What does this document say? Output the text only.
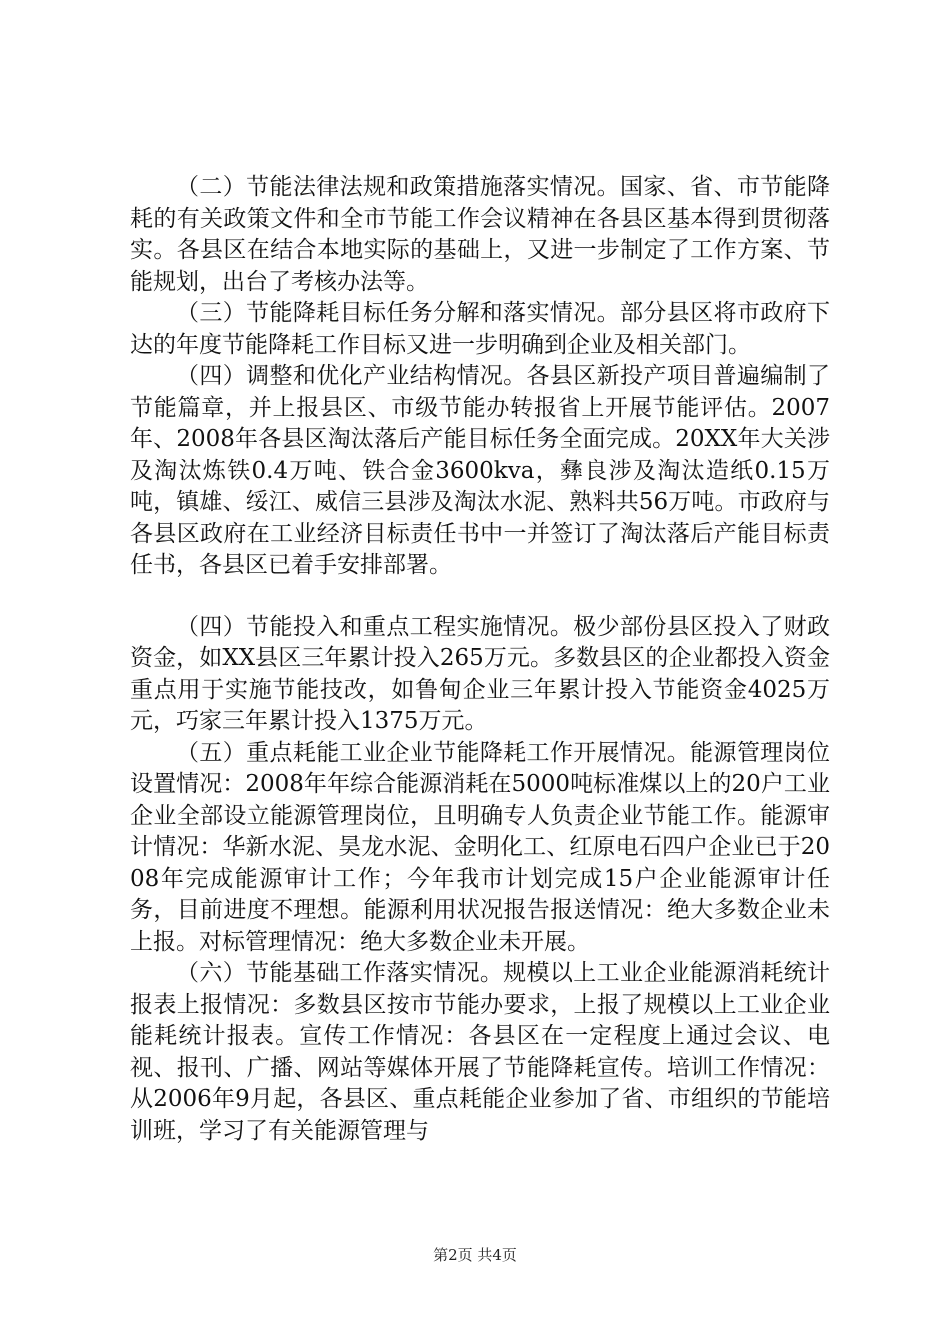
（二）节能法律法规和政策措施落实情况。国家、省、市节能降耗的有关政策文件和全市节能工作会议精神在各县区基本得到贯彻落实。各县区在结合本地实际的基础上，又进一步制定了工作方案、节能规划，出台了考核办法等。

（三）节能降耗目标任务分解和落实情况。部分县区将市政府下达的年度节能降耗工作目标又进一步明确到企业及相关部门。

（四）调整和优化产业结构情况。各县区新投产项目普遍编制了节能篇章，并上报县区、市级节能办转报省上开展节能评估。2007年、2008年各县区淘汰落后产能目标任务全面完成。20XX年大关涉及淘汰炼铁0.4万吨、铁合金3600kva，彝良涉及淘汰造纸0.15万吨，镇雄、绥江、威信三县涉及淘汰水泥、熟料共56万吨。市政府与各县区政府在工业经济目标责任书中一并签订了淘汰落后产能目标责任书，各县区已着手安排部署。

（四）节能投入和重点工程实施情况。极少部份县区投入了财政资金，如XX县区三年累计投入265万元。多数县区的企业都投入资金重点用于实施节能技改，如鲁甸企业三年累计投入节能资金4025万元，巧家三年累计投入1375万元。

（五）重点耗能工业企业节能降耗工作开展情况。能源管理岗位设置情况：2008年年综合能源消耗在5000吨标准煤以上的20户工业企业全部设立能源管理岗位，且明确专人负责企业节能工作。能源审计情况：华新水泥、昊龙水泥、金明化工、红原电石四户企业已于2008年完成能源审计工作；今年我市计划完成15户企业能源审计任务，目前进度不理想。能源利用状况报告报送情况：绝大多数企业未上报。对标管理情况：绝大多数企业未开展。

（六）节能基础工作落实情况。规模以上工业企业能源消耗统计报表上报情况：多数县区按市节能办要求，上报了规模以上工业企业能耗统计报表。宣传工作情况：各县区在一定程度上通过会议、电视、报刊、广播、网站等媒体开展了节能降耗宣传。培训工作情况：从2006年9月起，各县区、重点耗能企业参加了省、市组织的节能培训班，学习了有关能源管理与

第2页 共4页
